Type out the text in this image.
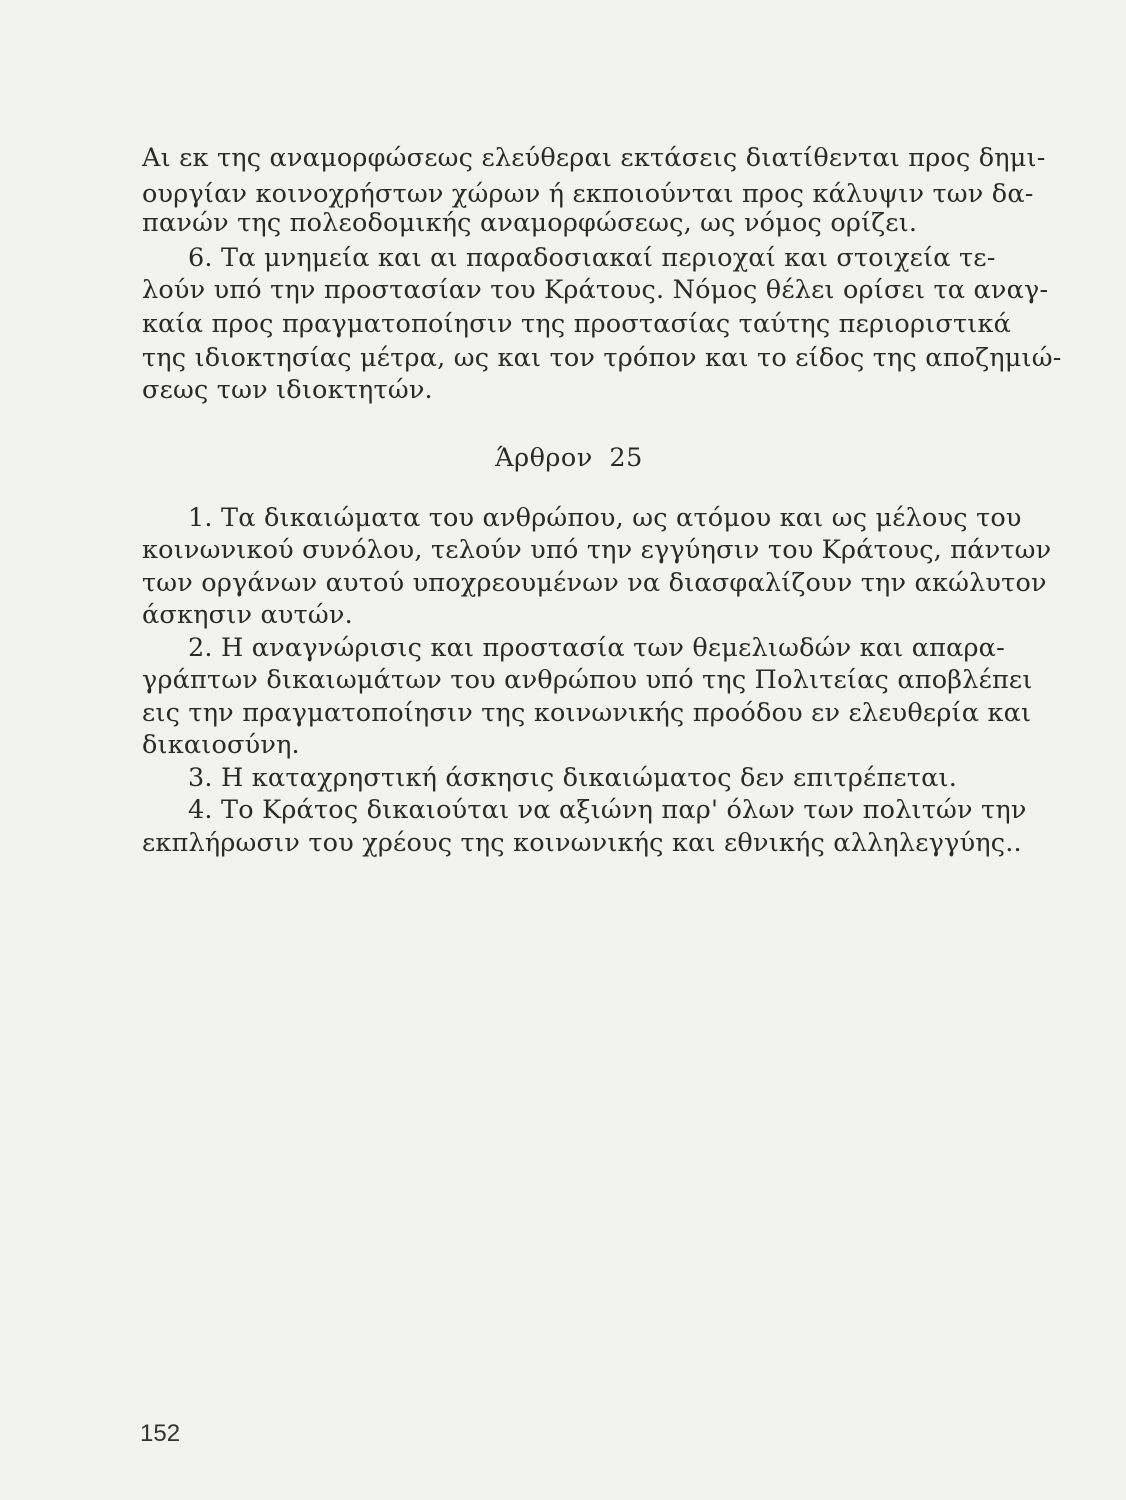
Αι εκ της αναμορφώσεως ελεύθεραι εκτάσεις διατίθενται προς δημι-
ουργίαν κοινοχρήστων χώρων ή εκποιούνται προς κάλυψιν των δα-
πανών της πολεοδομικής αναμορφώσεως, ως νόμος ορίζει.
6. Τα μνημεία και αι παραδοσιακαί περιοχαί και στοιχεία τε-
λούν υπό την προστασίαν του Κράτους. Νόμος θέλει ορίσει τα αναγ-
καία προς πραγματοποίησιν της προστασίας ταύτης περιοριστικά
της ιδιοκτησίας μέτρα, ως και τον τρόπον και το είδος της αποζημιώ-
σεως των ιδιοκτητών.
Άρθρον 25
1. Τα δικαιώματα του ανθρώπου, ως ατόμου και ως μέλους του
κοινωνικού συνόλου, τελούν υπό την εγγύησιν του Κράτους, πάντων
των οργάνων αυτού υποχρεουμένων να διασφαλίζουν την ακώλυτον
άσκησιν αυτών.
2. Η αναγνώρισις και προστασία των θεμελιωδών και απαρα-
γράπτων δικαιωμάτων του ανθρώπου υπό της Πολιτείας αποβλέπει
εις την πραγματοποίησιν της κοινωνικής προόδου εν ελευθερία και
δικαιοσύνη.
3. Η καταχρηστική άσκησις δικαιώματος δεν επιτρέπεται.
4. Το Κράτος δικαιούται να αξιώνη παρ' όλων των πολιτών την
εκπλήρωσιν του χρέους της κοινωνικής και εθνικής αλληλεγγύης..
152
